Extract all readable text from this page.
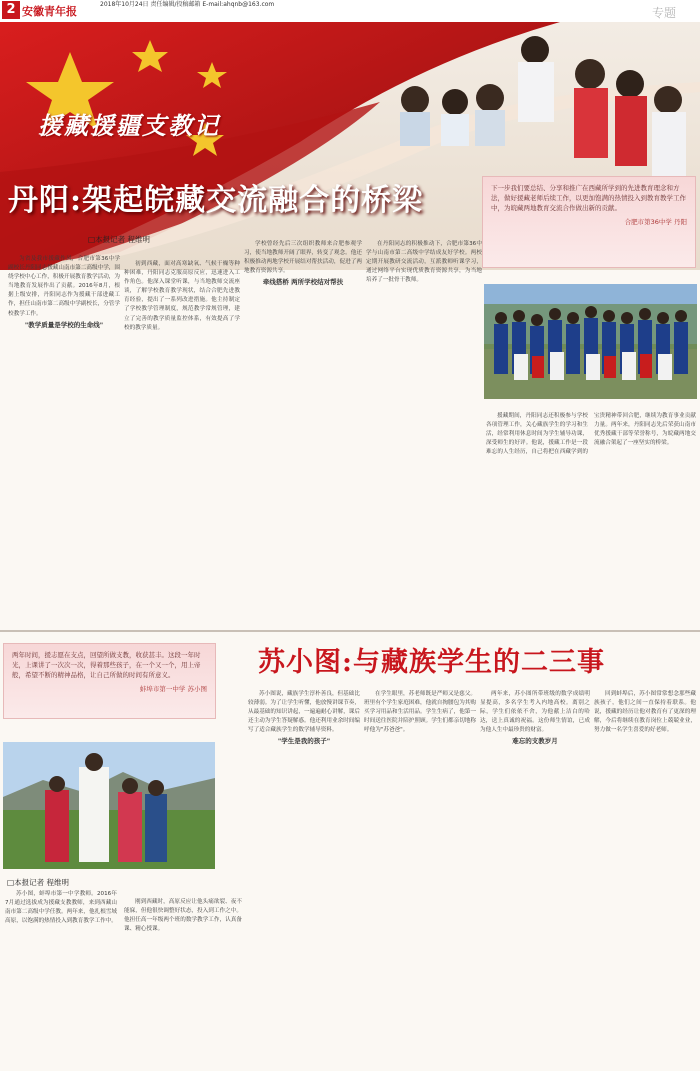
2 安徽青年报
2018年10月24日 责任编辑/投稿邮箱 E-mail:ahqnb@163.com
专题
援藏援疆支教记
丹阳:架起皖藏交流融合的桥梁	下一步我们要总结、分享和推广在西藏所学到的先进教育理念和方法，做好援藏老师后续工作，以更加饱满的热情投入到教育教学工作中，为皖藏两地教育交流合作做出新的贡献。
合肥市第36中学 丹阳
□本报记者 程维明
为省及我市援藏作风，合肥市第36中学副校长丹阳同志援藏山南市第二高级中学，围绕学校中心工作，积极开展教育教学活动，为当地教育发展作出了贡献。2016年8月，根据上级安排，丹阳同志作为援藏干部进藏工作，担任山南市第二高级中学副校长，分管学校教学工作。
"教学质量是学校的生命线"
初到西藏，面对高寒缺氧、气候干燥等种种困难，丹阳同志克服高原反应，迅速进入工作角色。他深入课堂听课，与当地教师交流座谈，了解学校教育教学现状，结合合肥先进教育经验，提出了一系列改进措施。他主持制定了学校教学管理制度，规范教学常规管理，建立了完善的教学质量监控体系，有效提高了学校的教学质量。
学校曾经先后三次组织教师来合肥参观学习，使当地教师开阔了眼界，转变了观念。他还积极推动两地学校开展结对帮扶活动，促进了两地教育资源共享。
牵线搭桥 两所学校结对帮扶
在丹阳同志的积极推动下，合肥市第36中学与山南市第二高级中学结成友好学校。两校定期开展教研交流活动，互派教师听课学习，通过网络平台实现优质教育资源共享，为当地培养了一批骨干教师。
援藏期间，丹阳同志还积极参与学校各项管理工作，关心藏族学生的学习和生活，经常利用休息时间为学生辅导功课，深受师生的好评。他说，援藏工作是一段难忘的人生经历，自己将把在西藏学到的宝贵精神带回合肥，继续为教育事业贡献力量。两年来，丹阳同志先后荣获山南市优秀援藏干部等荣誉称号，为皖藏两地交流融合架起了一座坚实的桥梁。
苏小图:与藏族学生的二三事
两年时间，援志愿在支点，回望所做支教，收获甚丰。这段一年时光，上课讲了一次次一次，得着那些孩子，在一个又一个，用上帝般，希望不断的精神品格，让自己所做的时间有所意义。
蚌埠市第一中学 苏小图
□本报记者 程维明
苏小图，蚌埠市第一中学教师。2016年7月通过选拔成为援藏支教教师，来到西藏山南市第二高级中学任教。两年来，他扎根雪域高原，以饱满的热情投入到教育教学工作中。
刚到西藏时，高原反应让他头痛欲裂、夜不能寐，但他很快调整好状态，投入到工作之中。他担任高一年级两个班的数学教学工作，认真备课、精心授课。
苏小图说，藏族学生淳朴善良，但基础比较薄弱。为了让学生听懂，他放慢讲课节奏，从最基础的知识讲起，一遍遍耐心讲解，课后还主动为学生答疑解惑。他还利用业余时间编写了适合藏族学生的数学辅导资料。
"学生是我的孩子"
在学生眼里，苏老师既是严师又是慈父。班里有个学生家庭困难，他就自掏腰包为其购买学习用品和生活用品。学生生病了，他第一时间送往医院并陪护照顾。学生们都亲切地称呼他为"苏爸爸"。
两年来，苏小图所带班级的数学成绩明显提高，多名学生考入内地高校。离别之际，学生们依依不舍，为他献上洁白的哈达，送上真诚的祝福。这份师生情谊，已成为他人生中最珍贵的财富。
难忘的支教岁月
回到蚌埠后，苏小图常常想念那些藏族孩子，他们之间一直保持着联系。他说，援藏的经历让他对教育有了更深的理解，今后将继续在教育岗位上兢兢业业，努力做一名学生喜爱的好老师。
